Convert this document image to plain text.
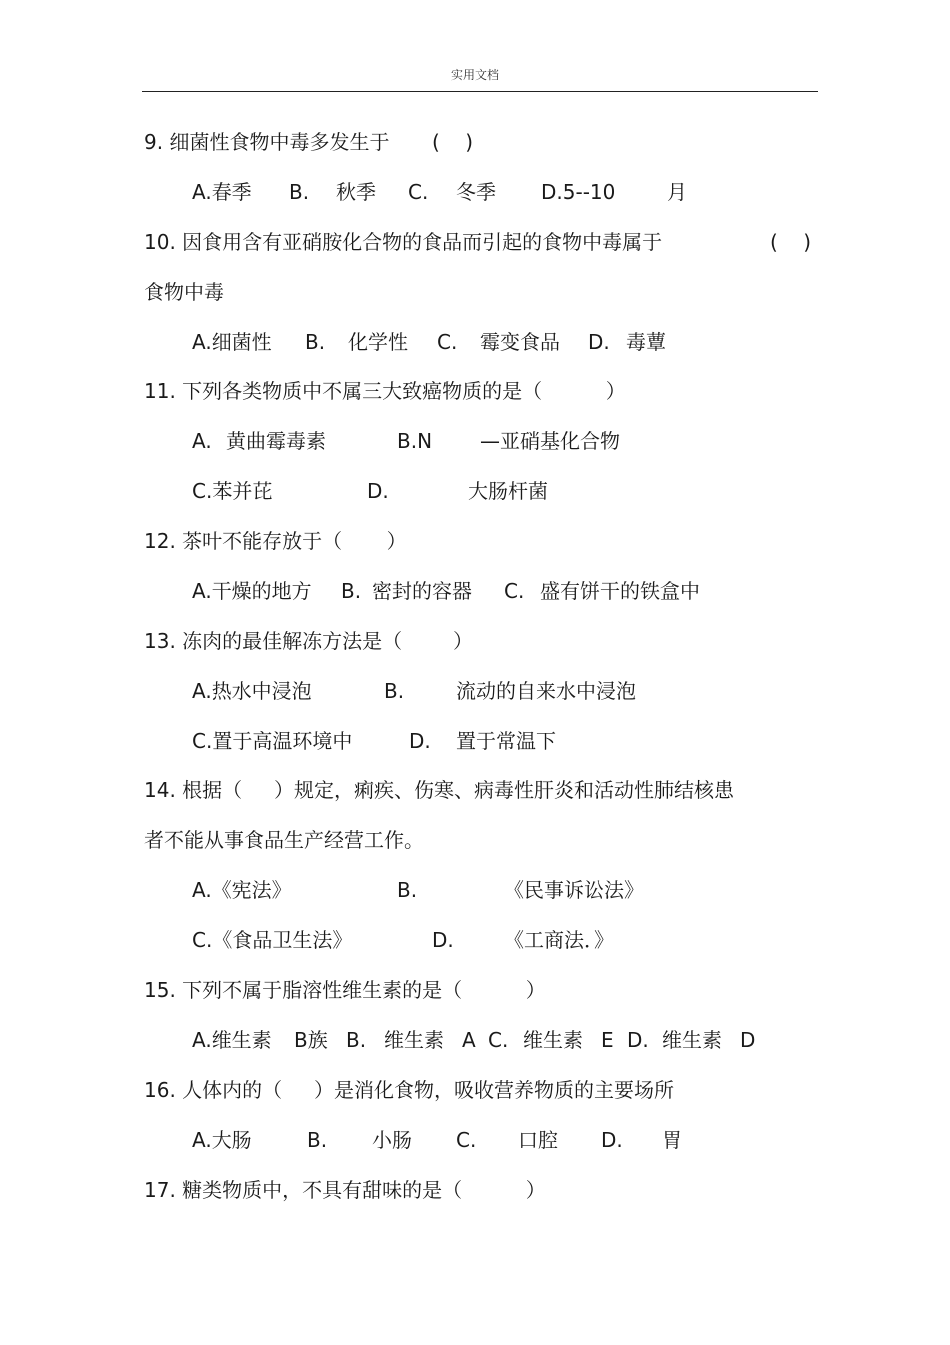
实用文档
9. 细菌性食物中毒多发生于 (    )
A.春季 B. 秋季 C. 冬季 D.5--10	月
10. 因食用含有亚硝胺化合物的食品而引起的食物中毒属于	(    )
食物中毒
A.细菌性 B. 化学性 C. 霉变食品 D. 毒蕈
11. 下列各类物质中不属三大致癌物质的是（          ）
A. 黄曲霉毒素	B.N —亚硝基化合物
C.苯并芘	D.	大肠杆菌
12. 茶叶不能存放于（       ）
A.干燥的地方 B. 密封的容器 C. 盛有饼干的铁盒中
13. 冻肉的最佳解冻方法是（        ）
A.热水中浸泡	B.	流动的自来水中浸泡
C.置于高温环境中	D. 置于常温下
14. 根据（     ）规定，痢疾、伤寒、病毒性肝炎和活动性肺结核患
者不能从事食品生产经营工作。
A.《宪法》	B.	《民事诉讼法》
C.《食品卫生法》	D.	《工商法．》
15. 下列不属于脂溶性维生素的是（          ）
A.维生素 B族 B. 维生素 A C. 维生素 E D. 维生素 D
16. 人体内的（     ）是消化食物，吸收营养物质的主要场所
A.大肠	B. 小肠 C. 口腔 D. 胃
17. 糖类物质中，不具有甜味的是（          ）
